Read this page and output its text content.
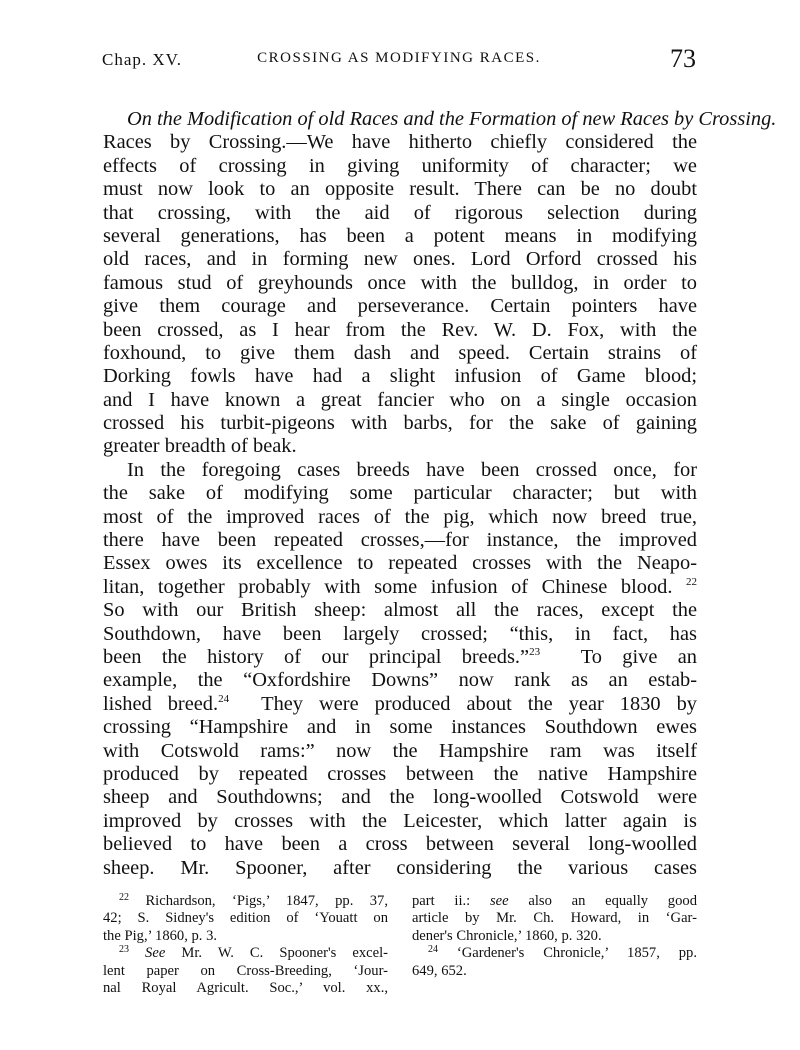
Chap. XV.	CROSSING AS MODIFYING RACES.	73
On the Modification of old Races and the Formation of new Races by Crossing.
Races by Crossing.—We have hitherto chiefly considered the
effects of crossing in giving uniformity of character; we
must now look to an opposite result. There can be no doubt
that crossing, with the aid of rigorous selection during
several generations, has been a potent means in modifying
old races, and in forming new ones. Lord Orford crossed his
famous stud of greyhounds once with the bulldog, in order to
give them courage and perseverance. Certain pointers have
been crossed, as I hear from the Rev. W. D. Fox, with the
foxhound, to give them dash and speed. Certain strains of
Dorking fowls have had a slight infusion of Game blood;
and I have known a great fancier who on a single occasion
crossed his turbit-pigeons with barbs, for the sake of gaining
greater breadth of beak.
In the foregoing cases breeds have been crossed once, for
the sake of modifying some particular character; but with
most of the improved races of the pig, which now breed true,
there have been repeated crosses,—for instance, the improved
Essex owes its excellence to repeated crosses with the Neapo-
litan, together probably with some infusion of Chinese blood. $^{22}$
So with our British sheep: almost all the races, except the
Southdown, have been largely crossed; “this, in fact, has
been the history of our principal breeds.”$^{23}$ To give an
example, the “Oxfordshire Downs” now rank as an estab-
lished breed.$^{24}$ They were produced about the year 1830 by
crossing “Hampshire and in some instances Southdown ewes
with Cotswold rams:” now the Hampshire ram was itself
produced by repeated crosses between the native Hampshire
sheep and Southdowns; and the long-woolled Cotswold were
improved by crosses with the Leicester, which latter again is
believed to have been a cross between several long-woolled
sheep. Mr. Spooner, after considering the various cases
$^{22}$ Richardson, ‘Pigs,’ 1847, pp. 37,
42; S. Sidney's edition of ‘Youatt on
the Pig,’ 1860, p. 3.
$^{23}$ See Mr. W. C. Spooner's excel-
lent paper on Cross-Breeding, ‘Jour-
nal Royal Agricult. Soc.,’ vol. xx.,
part ii.: see also an equally good
article by Mr. Ch. Howard, in ‘Gar-
dener's Chronicle,’ 1860, p. 320.
$^{24}$ ‘Gardener's Chronicle,’ 1857, pp.
649, 652.
